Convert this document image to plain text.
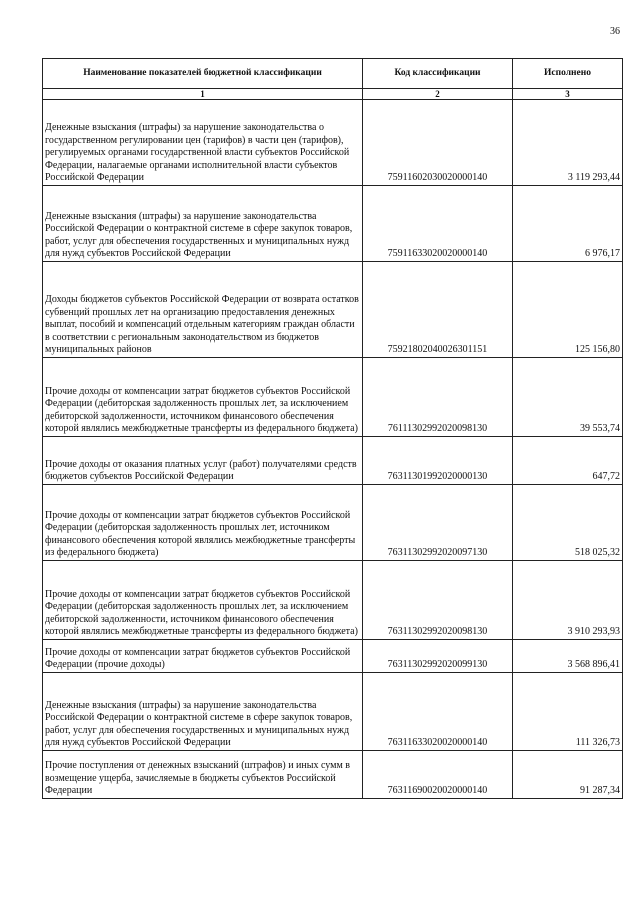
36
Наименование показателей бюджетной классификации	Код классификации	Исполнено
1	2	3
Денежные взыскания (штрафы) за нарушение законодательства о государственном регулировании цен (тарифов) в части цен (тарифов), регулируемых органами государственной власти субъектов Российской Федерации, налагаемые органами исполнительной власти субъектов Российской Федерации	75911602030020000140	3 119 293,44
Денежные взыскания (штрафы) за нарушение законодательства Российской Федерации о контрактной системе в сфере закупок товаров, работ, услуг для обеспечения государственных и муниципальных нужд для нужд субъектов Российской Федерации	75911633020020000140	6 976,17
Доходы бюджетов субъектов Российской Федерации от возврата остатков субвенций прошлых лет на организацию предоставления денежных выплат, пособий и компенсаций отдельным категориям граждан области в соответствии с региональным законодательством из бюджетов муниципальных районов	75921802040026301151	125 156,80
Прочие доходы от компенсации затрат бюджетов субъектов Российской Федерации (дебиторская задолженность прошлых лет, за исключением дебиторской задолженности, источником финансового обеспечения которой являлись межбюджетные трансферты из федерального бюджета)	76111302992020098130	39 553,74
Прочие доходы от оказания платных услуг (работ) получателями средств бюджетов субъектов Российской Федерации	76311301992020000130	647,72
Прочие доходы от компенсации затрат бюджетов субъектов Российской Федерации (дебиторская задолженность прошлых лет, источником финансового обеспечения которой являлись межбюджетные трансферты из федерального бюджета)	76311302992020097130	518 025,32
Прочие доходы от компенсации затрат бюджетов субъектов Российской Федерации (дебиторская задолженность прошлых лет, за исключением дебиторской задолженности, источником финансового обеспечения которой являлись межбюджетные трансферты из федерального бюджета)	76311302992020098130	3 910 293,93
Прочие доходы от компенсации затрат бюджетов субъектов Российской Федерации (прочие доходы)	76311302992020099130	3 568 896,41
Денежные взыскания (штрафы) за нарушение законодательства Российской Федерации о контрактной системе в сфере закупок товаров, работ, услуг для обеспечения государственных и муниципальных нужд для нужд субъектов Российской Федерации	76311633020020000140	111 326,73
Прочие поступления от денежных взысканий (штрафов) и иных сумм в возмещение ущерба, зачисляемые в бюджеты субъектов Российской Федерации	76311690020020000140	91 287,34
